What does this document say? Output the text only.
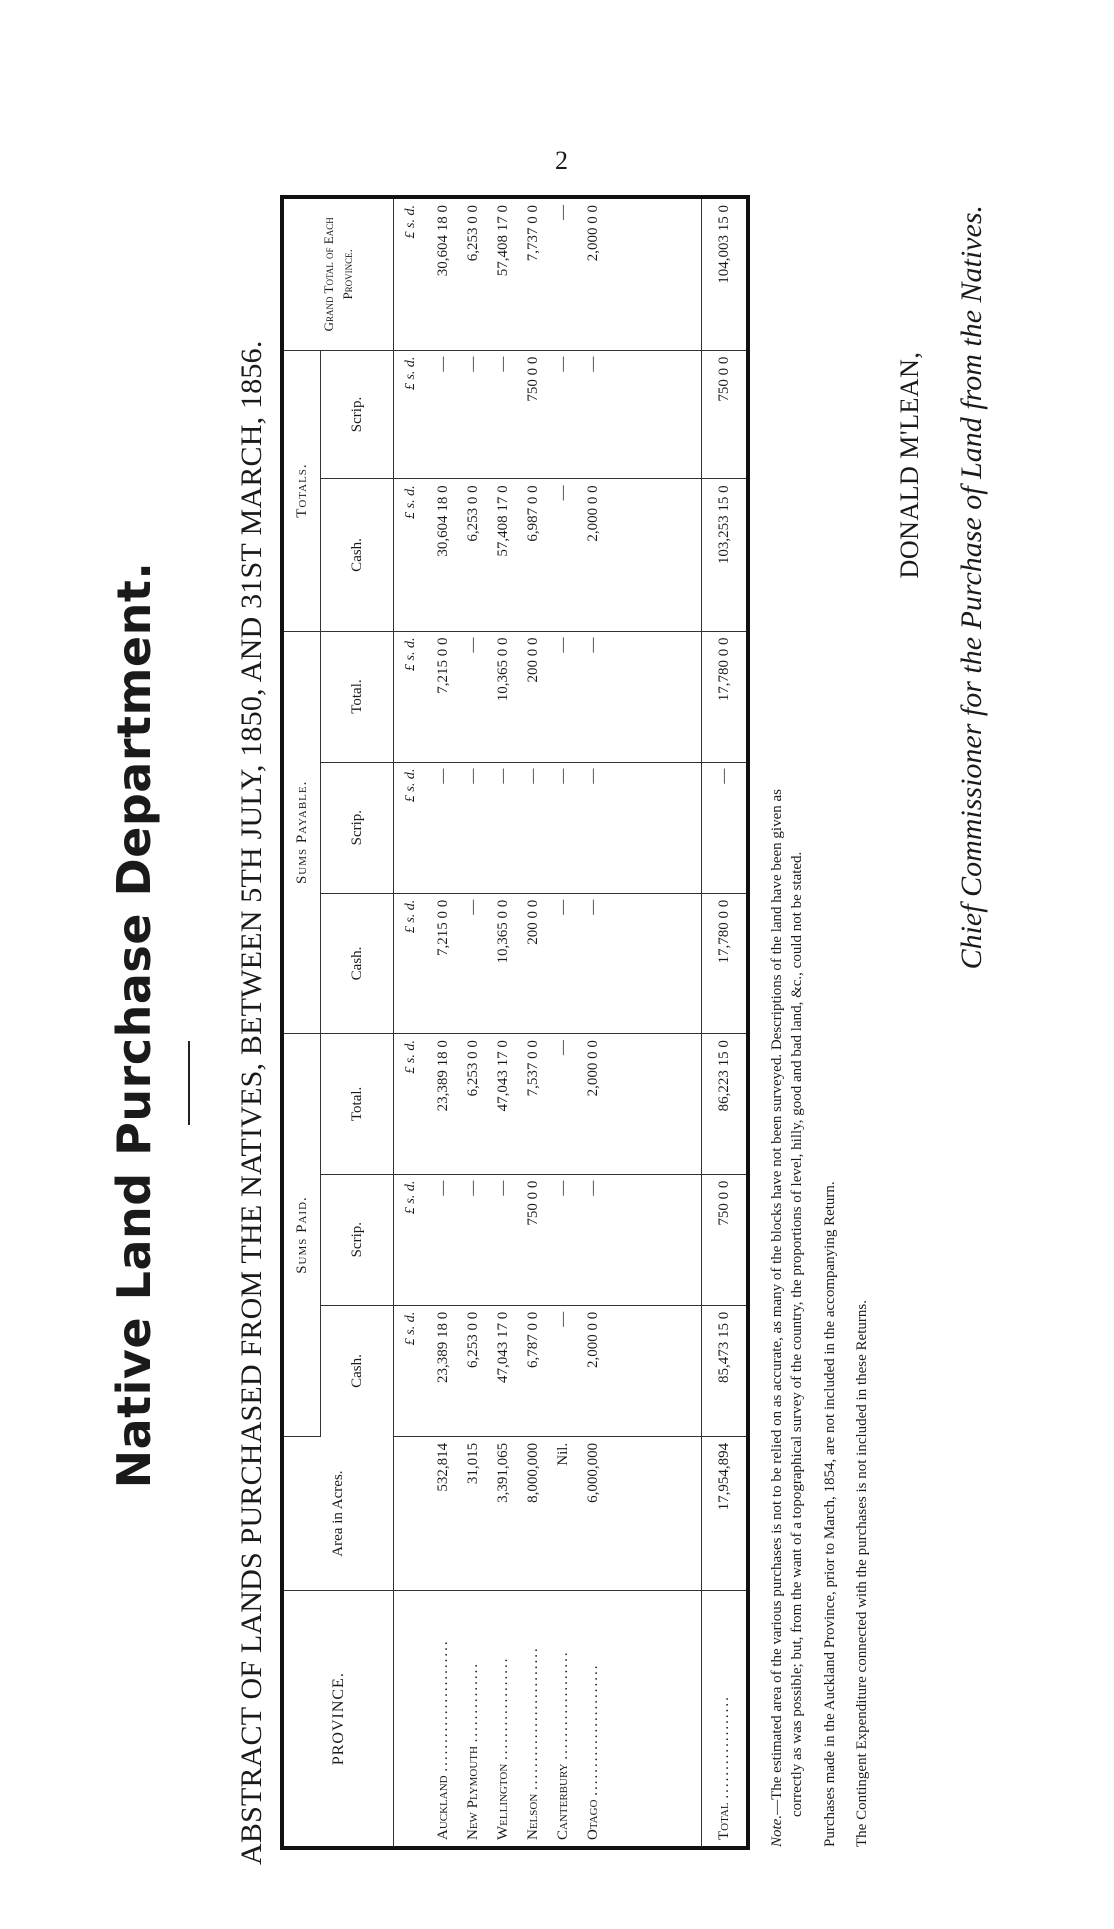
2
Native Land Purchase Department. ABSTRACT OF LANDS PURCHASED FROM THE NATIVES, BETWEEN 5TH JULY, 1850, AND 31ST MARCH, 1856.
PROVINCE.	Area in Acres.	Sums Paid.			Sums Payable.			Totals.		Grand Total of Each Province.
		Cash.	Scrip.	Total.	Cash.	Scrip.	Total.	Cash.	Scrip.	
		£ s. d.	£ s. d.	£ s. d.	£ s. d.	£ s. d.	£ s. d.	£ s. d.	£ s. d.	£ s. d.
Auckland .......................	532,814	23,389 18 0	—	23,389 18 0	7,215 0 0	—	7,215 0 0	30,604 18 0	—	30,604 18 0
New Plymouth ..............	31,015	6,253 0 0	—	6,253 0 0	—	—	—	6,253 0 0	—	6,253 0 0
Wellington ..................	3,391,065	47,043 17 0	—	47,043 17 0	10,365 0 0	—	10,365 0 0	57,408 17 0	—	57,408 17 0
Nelson .........................	8,000,000	6,787 0 0	750 0 0	7,537 0 0	200 0 0	—	200 0 0	6,987 0 0	750 0 0	7,737 0 0
Canterbury ...................	Nil.	—	—	—	—	—	—	—	—	—
Otago .......................	6,000,000	2,000 0 0	—	2,000 0 0	—	—	—	2,000 0 0	—	2,000 0 0

Total ..................	17,954,894	85,473 15 0	750 0 0	86,223 15 0	17,780 0 0	—	17,780 0 0	103,253 15 0	750 0 0	104,003 15 0

Note.—The estimated area of the various purchases is not to be relied on as accurate, as many of the blocks have not been surveyed. Descriptions of the land have been given as correctly as was possible; but, from the want of a topographical survey of the country, the proportions of level, hilly, good and bad land, &c., could not be stated. Purchases made in the Auckland Province, prior to March, 1854, are not included in the accompanying Return. The Contingent Expenditure connected with the purchases is not included in these Returns.

DONALD M'LEAN, Chief Commissioner for the Purchase of Land from the Natives.
